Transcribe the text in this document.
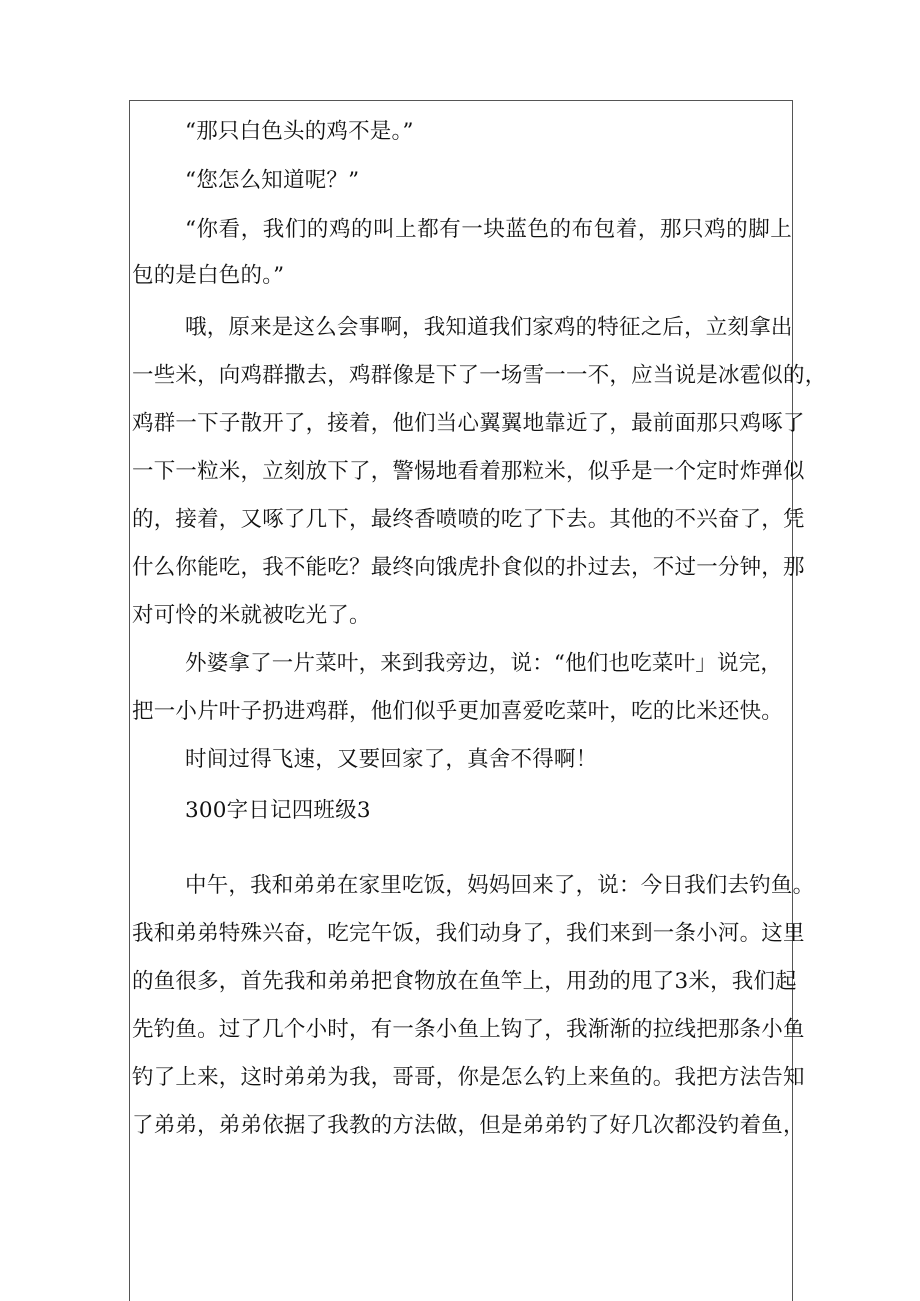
“那只白色头的鸡不是。”
“您怎么知道呢？”
“你看，我们的鸡的叫上都有一块蓝色的布包着，那只鸡的脚上
包的是白色的。”
哦，原来是这么会事啊，我知道我们家鸡的特征之后，立刻拿出
一些米，向鸡群撒去，鸡群像是下了一场雪一一不，应当说是冰雹似的，
鸡群一下子散开了，接着，他们当心翼翼地靠近了，最前面那只鸡啄了
一下一粒米，立刻放下了，警惕地看着那粒米，似乎是一个定时炸弹似
的，接着，又啄了几下，最终香喷喷的吃了下去。其他的不兴奋了，凭
什么你能吃，我不能吃？最终向饿虎扑食似的扑过去，不过一分钟，那
对可怜的米就被吃光了。
外婆拿了一片菜叶，来到我旁边，说：“他们也吃菜叶」说完，
把一小片叶子扔进鸡群，他们似乎更加喜爱吃菜叶，吃的比米还快。
时间过得飞速，又要回家了，真舍不得啊！
300字日记四班级3
中午，我和弟弟在家里吃饭，妈妈回来了，说：今日我们去钓鱼。
我和弟弟特殊兴奋，吃完午饭，我们动身了，我们来到一条小河。这里
的鱼很多，首先我和弟弟把食物放在鱼竿上，用劲的甩了3米，我们起
先钓鱼。过了几个小时，有一条小鱼上钩了，我渐渐的拉线把那条小鱼
钓了上来，这时弟弟为我，哥哥，你是怎么钓上来鱼的。我把方法告知
了弟弟，弟弟依据了我教的方法做，但是弟弟钓了好几次都没钓着鱼，
